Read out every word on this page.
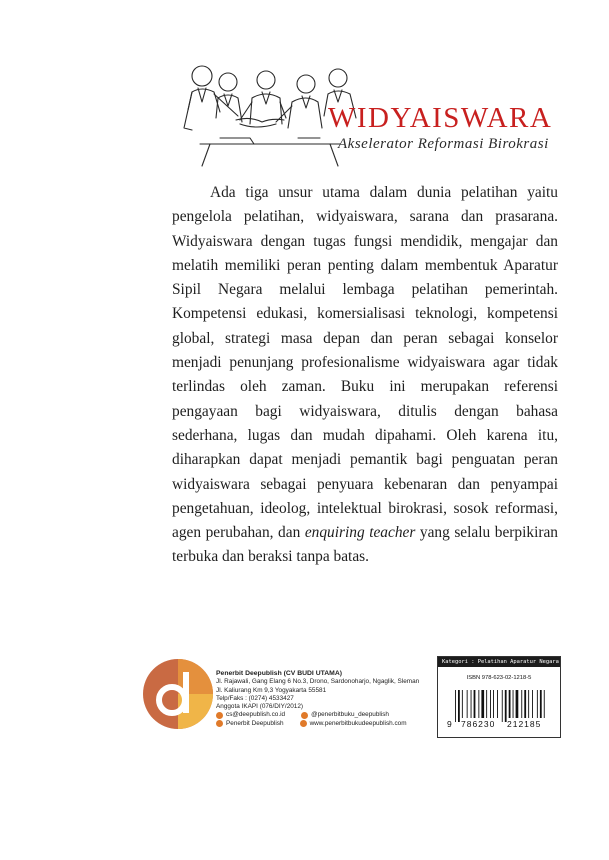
WIDYAISWARA
Akselerator Reformasi Birokrasi

Ada tiga unsur utama dalam dunia pelatihan yaitu pengelola pelatihan, widyaiswara, sarana dan prasarana. Widyaiswara dengan tugas fungsi mendidik, mengajar dan melatih memiliki peran penting dalam membentuk Aparatur Sipil Negara melalui lembaga pelatihan pemerintah. Kompetensi edukasi, komersialisasi teknologi, kompetensi global, strategi masa depan dan peran sebagai konselor menjadi penunjang profesionalisme widyaiswara agar tidak terlindas oleh zaman. Buku ini merupakan referensi pengayaan bagi widyaiswara, ditulis dengan bahasa sederhana, lugas dan mudah dipahami. Oleh karena itu, diharapkan dapat menjadi pemantik bagi penguatan peran widyaiswara sebagai penyuara kebenaran dan penyampai pengetahuan, ideolog, intelektual birokrasi, sosok reformasi, agen perubahan, dan enquiring teacher yang selalu berpikiran terbuka dan beraksi tanpa batas.

Penerbit Deepublish (CV BUDI UTAMA)
Jl. Rajawali, Gang Elang 6 No.3, Drono, Sardonoharjo, Ngaglik, Sleman
Jl. Kaliurang Km 9,3 Yogyakarta 55581
Telp/Faks : (0274) 4533427
Anggota IKAPI (076/DIY/2012)
cs@deepublish.co.id	@penerbitbuku_deepublish
Penerbit Deepublish	www.penerbitbukudeepublish.com
Kategori : Pelatihan Aparatur Negara
ISBN 978-623-02-1218-5
9 786230 212185
